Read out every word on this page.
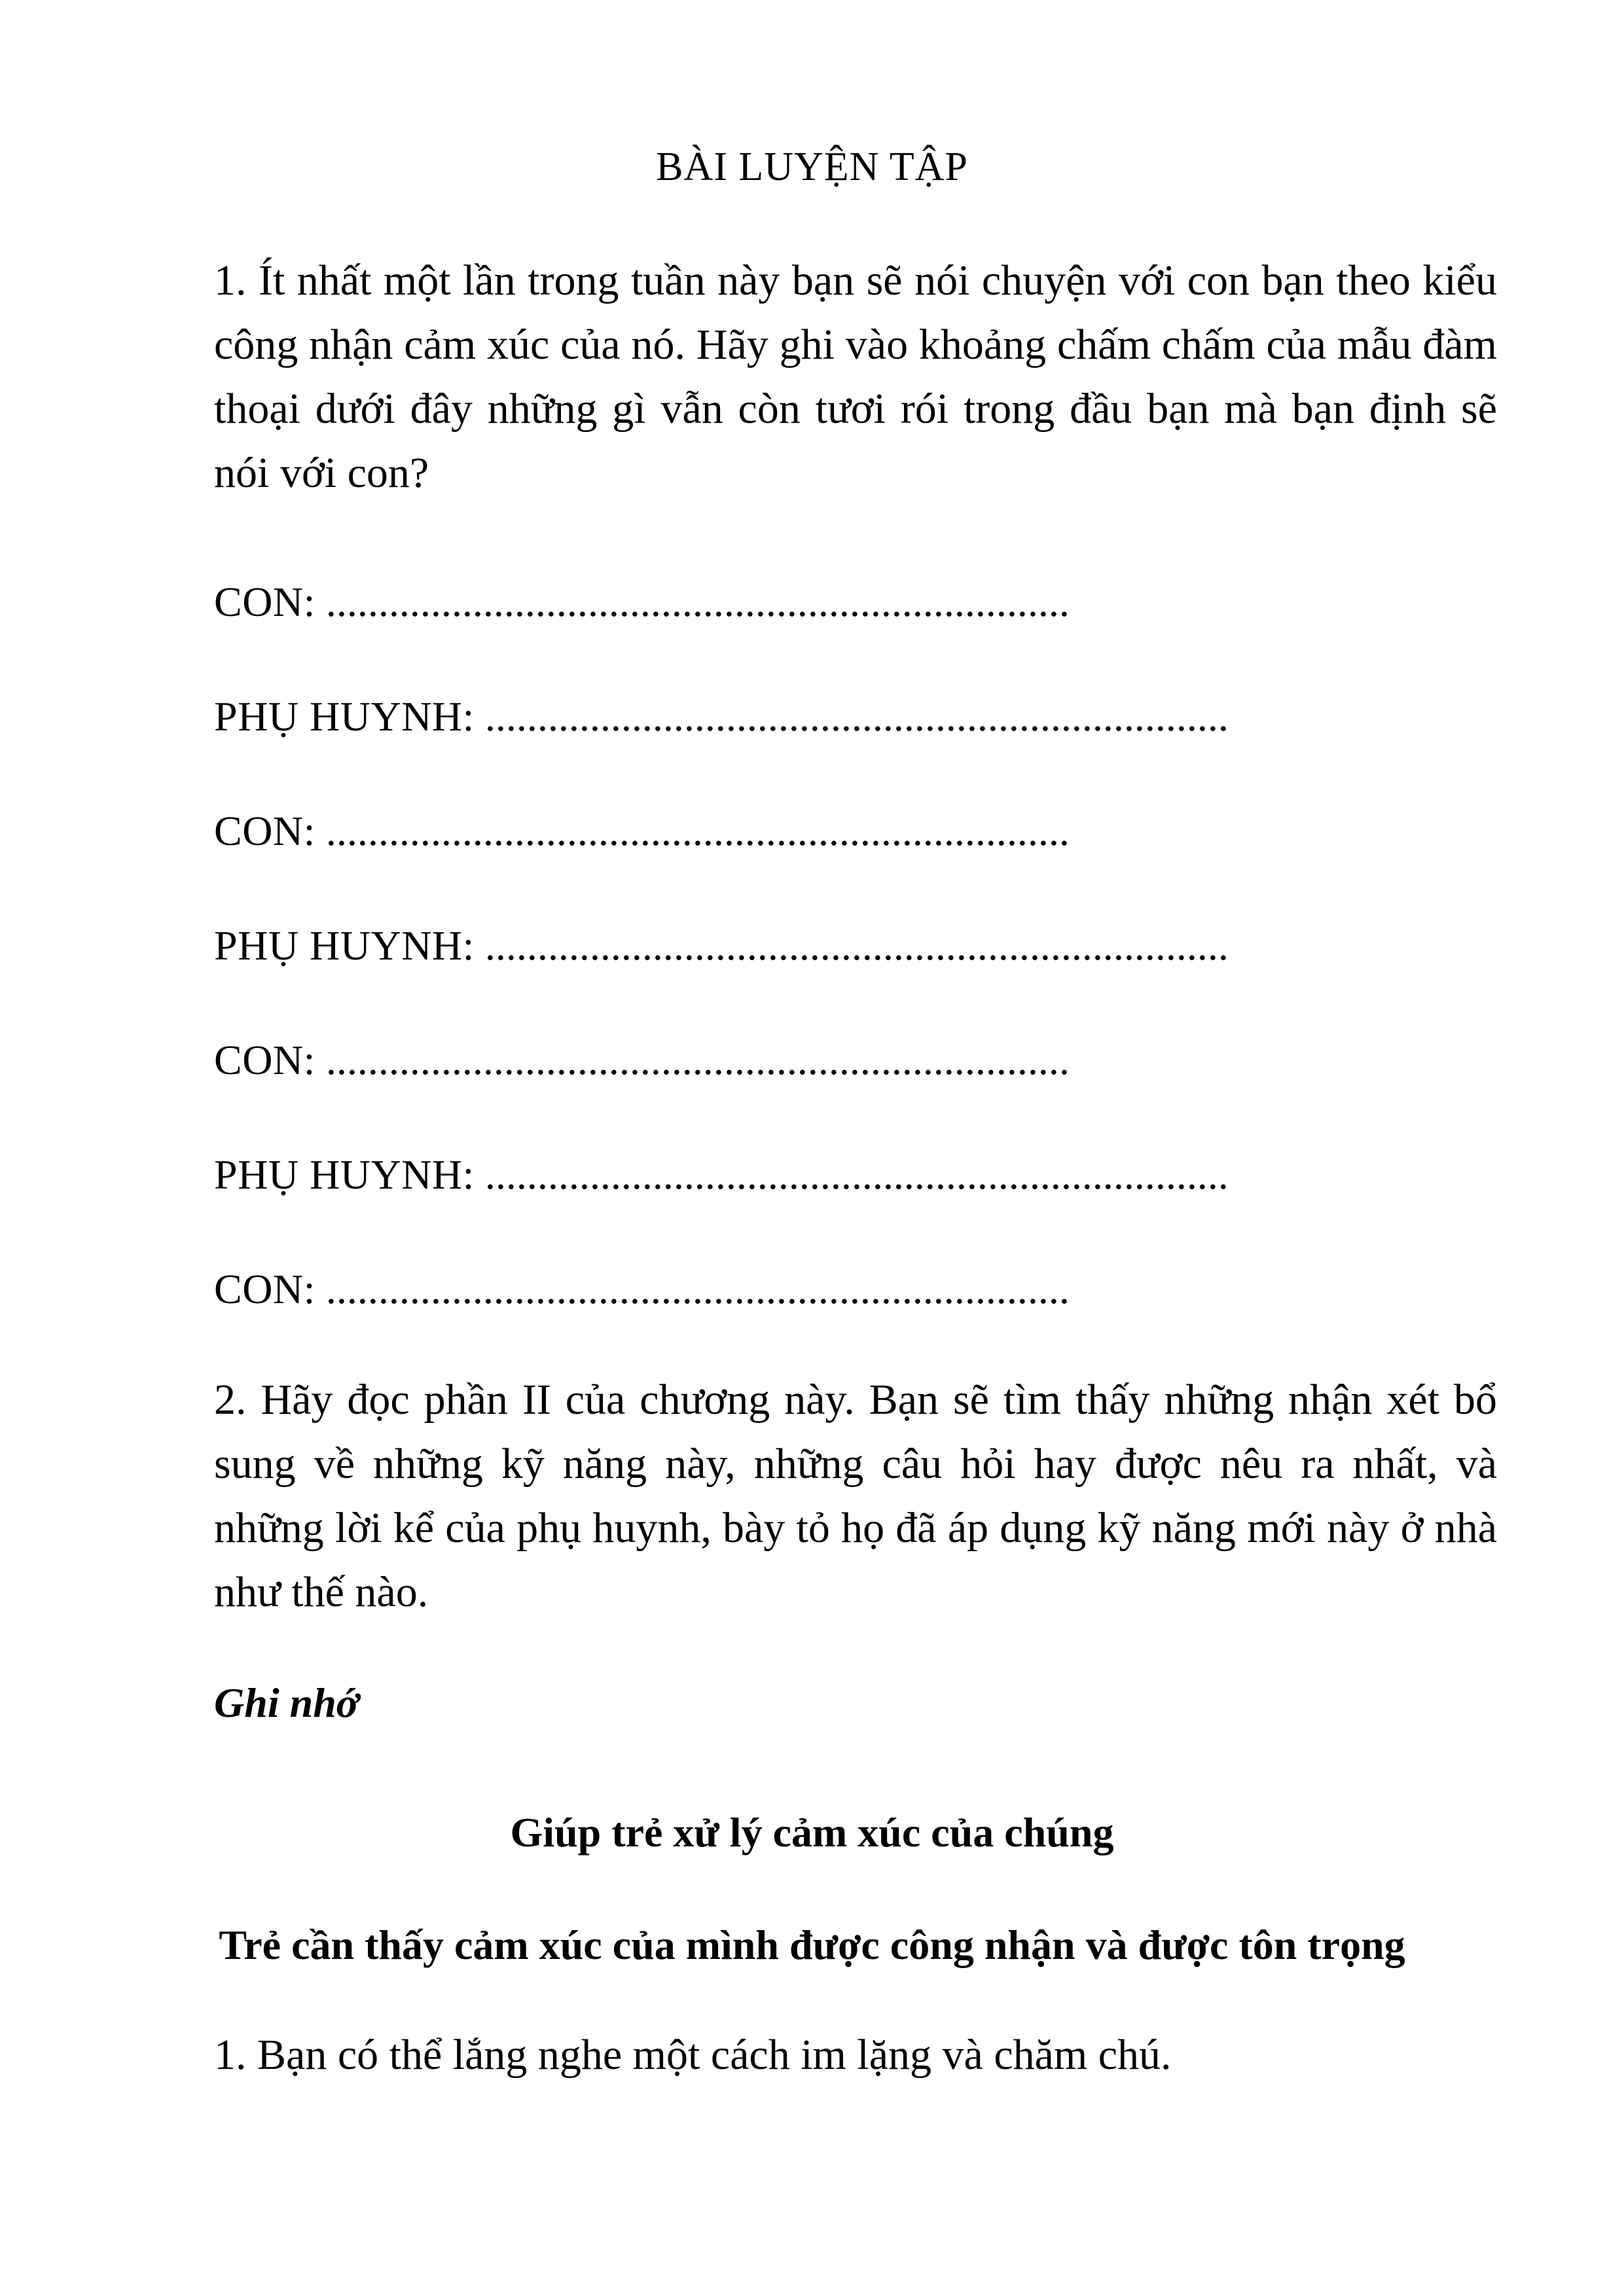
BÀI LUYỆN TẬP
1. Ít nhất một lần trong tuần này bạn sẽ nói chuyện với con bạn theo kiểu công nhận cảm xúc của nó. Hãy ghi vào khoảng chấm chấm của mẫu đàm thoại dưới đây những gì vẫn còn tươi rói trong đầu bạn mà bạn định sẽ nói với con?
CON: .......................................................................
PHỤ HUYNH: .......................................................................
CON: .......................................................................
PHỤ HUYNH: .......................................................................
CON: .......................................................................
PHỤ HUYNH: .......................................................................
CON: .......................................................................
2. Hãy đọc phần II của chương này. Bạn sẽ tìm thấy những nhận xét bổ sung về những kỹ năng này, những câu hỏi hay được nêu ra nhất, và những lời kể của phụ huynh, bày tỏ họ đã áp dụng kỹ năng mới này ở nhà như thế nào.
Ghi nhớ
Giúp trẻ xử lý cảm xúc của chúng
Trẻ cần thấy cảm xúc của mình được công nhận và được tôn trọng
1. Bạn có thể lắng nghe một cách im lặng và chăm chú.
